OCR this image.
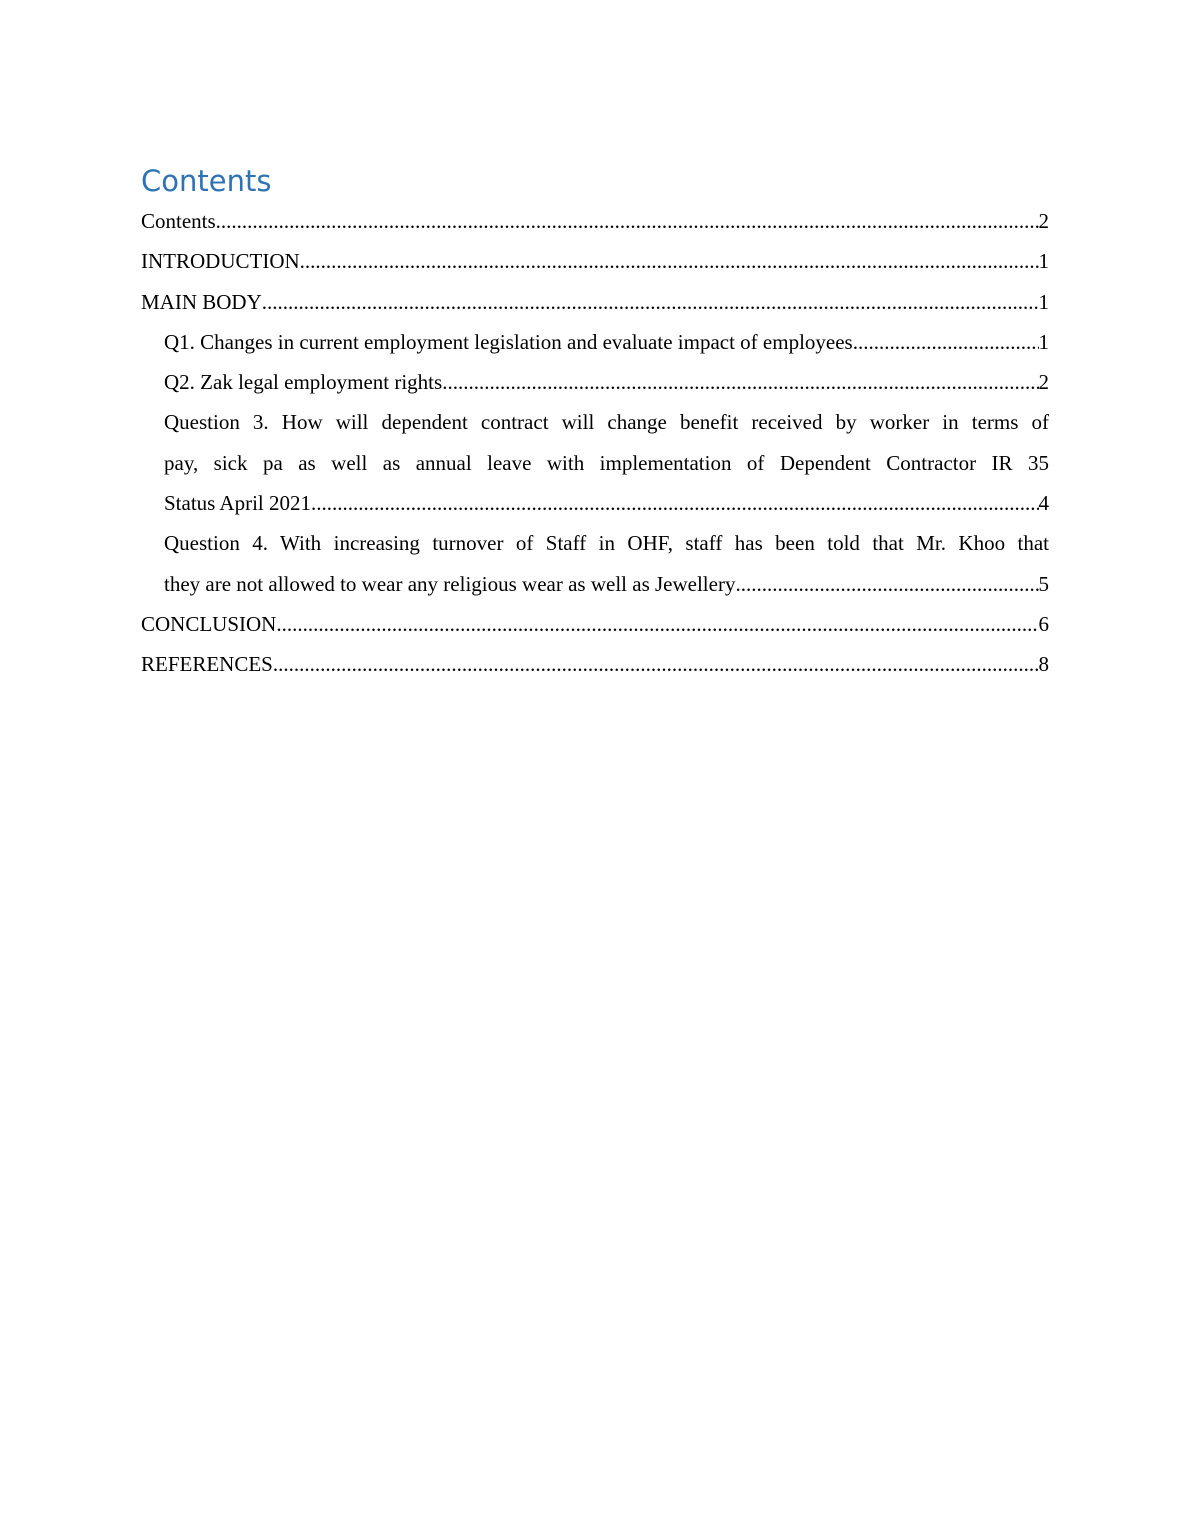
Contents
Contents .....	2
INTRODUCTION .....	1
MAIN BODY .....	1
Q1. Changes in current employment legislation and evaluate impact of employees .....	1
Q2. Zak legal employment rights .....	2
Question 3. How will dependent contract will change benefit received by worker in terms of
pay, sick pa as well as annual leave with implementation of Dependent Contractor IR 35
Status April 2021 .....	4
Question 4. With increasing turnover of Staff in OHF, staff has been told that Mr. Khoo that
they are not allowed to wear any religious wear as well as Jewellery .....	5
CONCLUSION .....	6
REFERENCES .....	8
